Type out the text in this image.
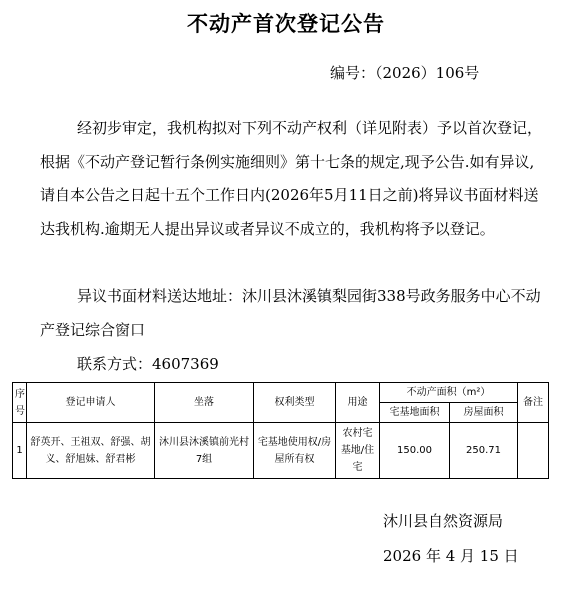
不动产首次登记公告
编号：（2026）106号

经初步审定，我机构拟对下列不动产权利（详见附表）予以首次登记，根据《不动产登记暂行条例实施细则》第十七条的规定,现予公告.如有异议,请自本公告之日起十五个工作日内(2026年5月11日之前)将异议书面材料送达我机构.逾期无人提出异议或者异议不成立的，我机构将予以登记。

异议书面材料送达地址：沐川县沐溪镇梨园街338号政务服务中心不动产登记综合窗口

联系方式：4607369
序号	登记申请人	坐落	权利类型	用途	不动产面积（m²）		备注
					宅基地面积	房屋面积	
1	舒英开、王祖双、舒强、胡义、舒旭妹、舒君彬	沐川县沐溪镇前光村7组	宅基地使用权/房屋所有权	农村宅基地/住宅	150.00	250.71	
沐川县自然资源局
2026 年 4 月 15 日
